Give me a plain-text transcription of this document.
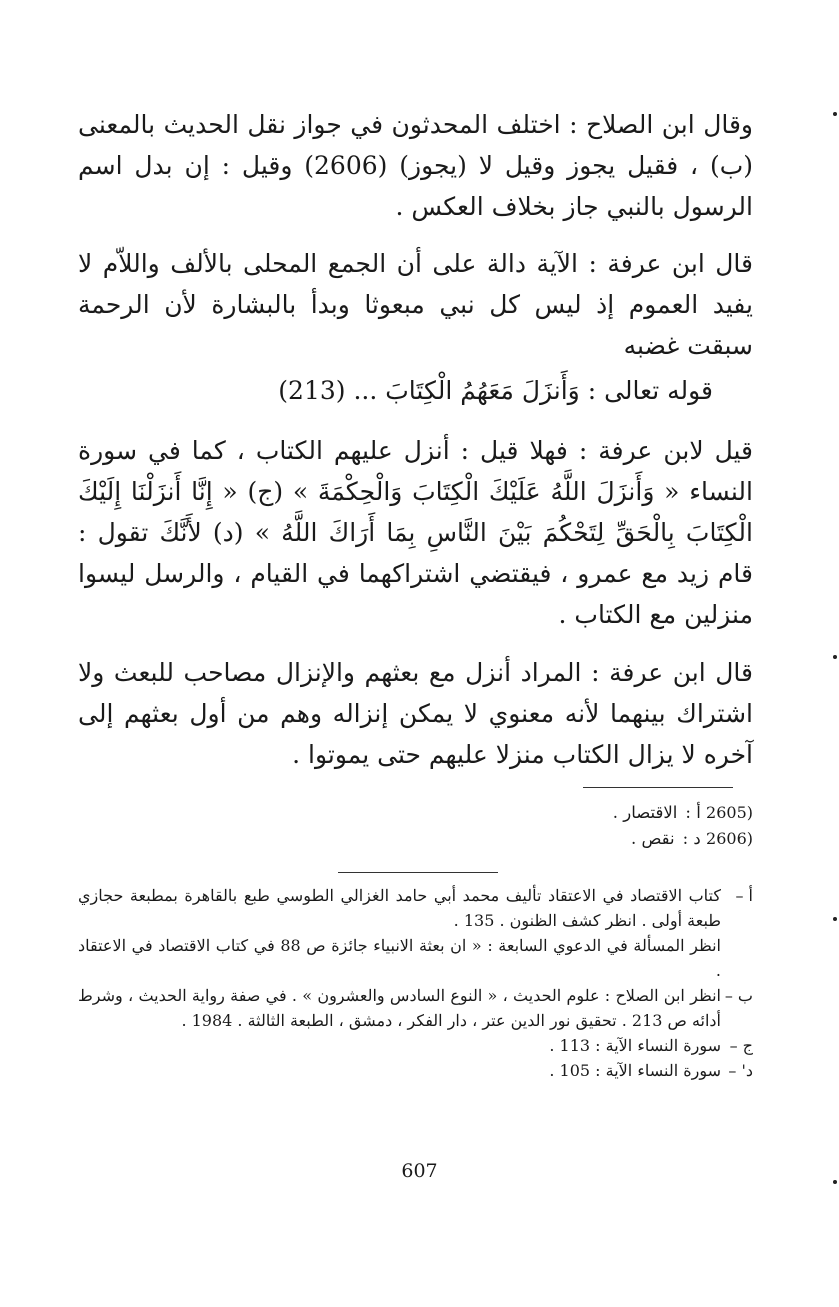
وقال ابن الصلاح : اختلف المحدثون في جواز نقل الحديث بالمعنى (ب) ، فقيل يجوز وقيل لا (يجوز) (2606) وقيل : إن بدل اسم الرسول بالنبي جاز بخلاف العكس .

قال ابن عرفة : الآية دالة على أن الجمع المحلى بالألف واللاّم لا يفيد العموم إذ ليس كل نبي مبعوثا وبدأ بالبشارة لأن الرحمة سبقت غضبه

قوله تعالى : وَأَنزَلَ مَعَهُمُ الْكِتَابَ ... (213)

قيل لابن عرفة : فهلا قيل : أنزل عليهم الكتاب ، كما في سورة النساء « وَأَنزَلَ اللَّهُ عَلَيْكَ الْكِتَابَ وَالْحِكْمَةَ » (ج) « إِنَّا أَنزَلْنَا إِلَيْكَ الْكِتَابَ بِالْحَقِّ لِتَحْكُمَ بَيْنَ النَّاسِ بِمَا أَرَاكَ اللَّهُ » (د) لأَنَّكَ تقول : قام زيد مع عمرو ، فيقتضي اشتراكهما في القيام ، والرسل ليسوا منزلين مع الكتاب .

قال ابن عرفة : المراد أنزل مع بعثهم والإنزال مصاحب للبعث ولا اشتراك بينهما لأنه معنوي لا يمكن إنزاله وهم من أول بعثهم إلى آخره لا يزال الكتاب منزلا عليهم حتى يموتوا .

2605) أ :
الاقتصار .
2606) د :
نقص .
أ –
كتاب الاقتصاد في الاعتقاد تأليف محمد أبي حامد الغزالي الطوسي طبع بالقاهرة بمطبعة حجازي طبعة أولى . انظر كشف الظنون . 135 .
انظر المسألة في الدعوي السابعة : « ان بعثة الانبياء جائزة ص 88 في كتاب الاقتصاد في الاعتقاد .
ب –
انظر ابن الصلاح : علوم الحديث ، « النوع السادس والعشرون » . في صفة رواية الحديث ، وشرط أدائه ص 213 . تحقيق نور الدين عتر ، دار الفكر ، دمشق ، الطبعة الثالثة . 1984 .
ج –
سورة النساء الآية : 113 .
د' –
سورة النساء الآية : 105 .
607
